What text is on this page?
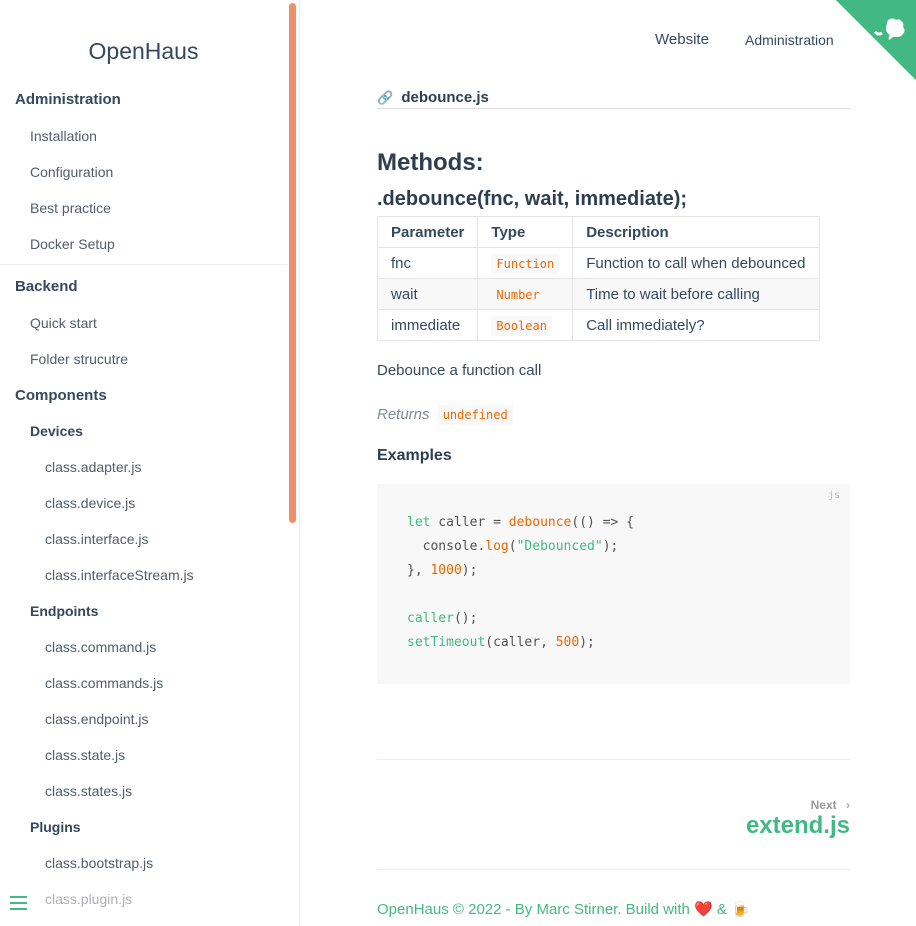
OpenHaus
Administration
Installation
Configuration
Best practice
Docker Setup
Backend
Quick start
Folder strucutre
Components
Devices
class.adapter.js
class.device.js
class.interface.js
class.interfaceStream.js
Endpoints
class.command.js
class.commands.js
class.endpoint.js
class.state.js
class.states.js
Plugins
class.bootstrap.js
class.plugin.js
Website	Administration
🔗 debounce.js
Methods:
.debounce(fnc, wait, immediate);
Parameter	Type	Description
fnc	Function	Function to call when debounced
wait	Number	Time to wait before calling
immediate	Boolean	Call immediately?
Debounce a function call
Returns undefined
Examples
js
let caller = debounce(() => {
console.log("Debounced");
}, 1000);
caller();
setTimeout(caller, 500);
Next ›
extend.js
OpenHaus © 2022 - By Marc Stirner. Build with ❤️ & 🍺
